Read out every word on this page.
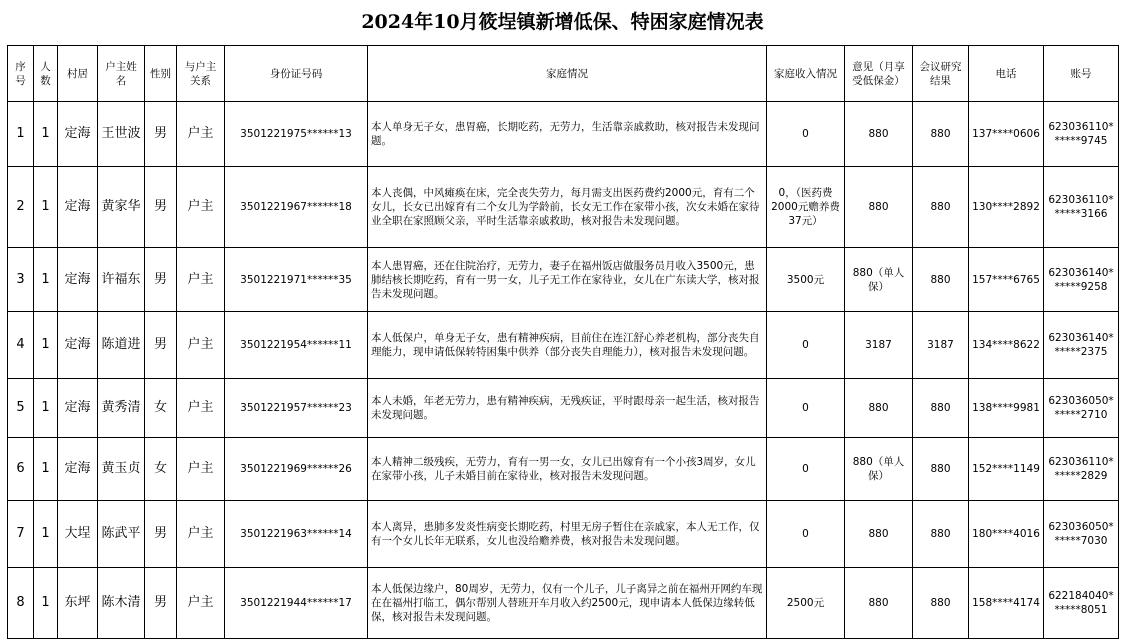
2024年10月筱埕镇新增低保、特困家庭情况表
序号	人数	村居	户主姓名	性别	与户主关系	身份证号码	家庭情况	家庭收入情况	意见（月享受低保金）	会议研究结果	电话	账号
1	1	定海	王世波	男	户主	3501221975******13	本人单身无子女，患胃癌，长期吃药，无劳力，生活靠亲戚救助，核对报告未发现问题。	0	880	880	137****0606	623036110******9745
2	1	定海	黄家华	男	户主	3501221967******18	本人丧偶，中风瘫痪在床，完全丧失劳力，每月需支出医药费约2000元，育有二个女儿，长女已出嫁育有二个女儿为学龄前，长女无工作在家带小孩，次女未婚在家待业全职在家照顾父亲，平时生活靠亲戚救助，核对报告未发现问题。	0，（医药费2000元赡养费37元）	880	880	130****2892	623036110******3166
3	1	定海	许福东	男	户主	3501221971******35	本人患胃癌，还在住院治疗，无劳力，妻子在福州饭店做服务员月收入3500元，患肺结核长期吃药，育有一男一女，儿子无工作在家待业，女儿在广东读大学，核对报告未发现问题。	3500元	880（单人保）	880	157****6765	623036140******9258
4	1	定海	陈道进	男	户主	3501221954******11	本人低保户，单身无子女，患有精神疾病，目前住在连江舒心养老机构，部分丧失自理能力，现申请低保转特困集中供养（部分丧失自理能力），核对报告未发现问题。	0	3187	3187	134****8622	623036140******2375
5	1	定海	黄秀清	女	户主	3501221957******23	本人未婚，年老无劳力，患有精神疾病，无残疾证，平时跟母亲一起生活，核对报告未发现问题。	0	880	880	138****9981	623036050******2710
6	1	定海	黄玉贞	女	户主	3501221969******26	本人精神二级残疾，无劳力，育有一男一女，女儿已出嫁育有一个小孩3周岁，女儿在家带小孩，儿子未婚目前在家待业，核对报告未发现问题。	0	880（单人保）	880	152****1149	623036110******2829
7	1	大埕	陈武平	男	户主	3501221963******14	本人离异，患肺多发炎性病变长期吃药，村里无房子暂住在亲戚家，本人无工作，仅有一个女儿长年无联系，女儿也没给赡养费，核对报告未发现问题。	0	880	880	180****4016	623036050******7030
8	1	东坪	陈木清	男	户主	3501221944******17	本人低保边缘户，80周岁，无劳力，仅有一个儿子，儿子离异之前在福州开网约车现在在福州打临工，偶尔帮别人替班开车月收入约2500元，现申请本人低保边缘转低保，核对报告未发现问题。	2500元	880	880	158****4174	622184040******8051
